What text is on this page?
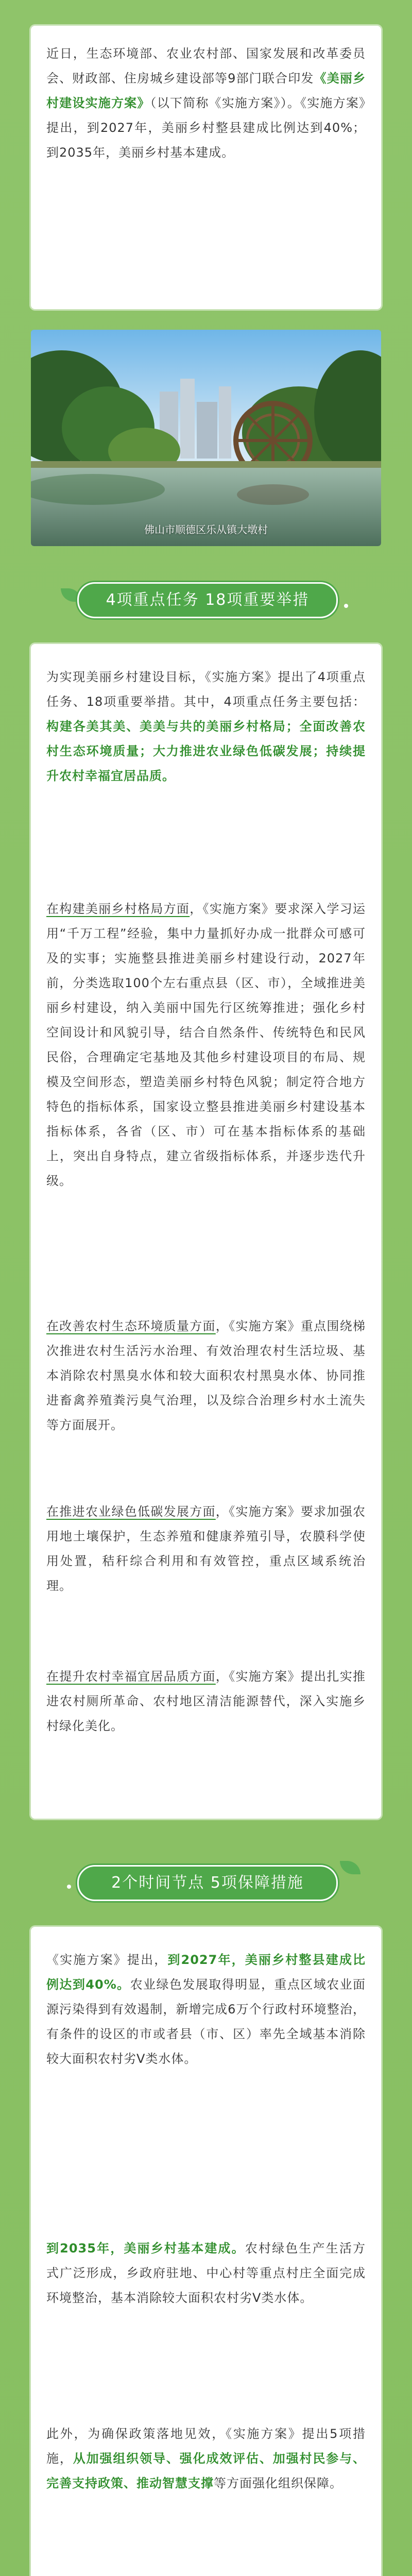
近日，生态环境部、农业农村部、国家发展和改革委员会、财政部、住房城乡建设部等9部门联合印发《美丽乡村建设实施方案》（以下简称《实施方案》）。《实施方案》提出，到2027年，美丽乡村整县建成比例达到40%；到2035年，美丽乡村基本建成。

佛山市顺德区乐从镇大墩村
4项重点任务 18项重要举措

为实现美丽乡村建设目标，《实施方案》提出了4项重点任务、18项重要举措。其中，4项重点任务主要包括：构建各美其美、美美与共的美丽乡村格局；全面改善农村生态环境质量；大力推进农业绿色低碳发展；持续提升农村幸福宜居品质。

在构建美丽乡村格局方面，《实施方案》要求深入学习运用“千万工程”经验，集中力量抓好办成一批群众可感可及的实事；实施整县推进美丽乡村建设行动，2027年前，分类选取100个左右重点县（区、市），全域推进美丽乡村建设，纳入美丽中国先行区统筹推进；强化乡村空间设计和风貌引导，结合自然条件、传统特色和民风民俗，合理确定宅基地及其他乡村建设项目的布局、规模及空间形态，塑造美丽乡村特色风貌；制定符合地方特色的指标体系，国家设立整县推进美丽乡村建设基本指标体系，各省（区、市）可在基本指标体系的基础上，突出自身特点，建立省级指标体系，并逐步迭代升级。

在改善农村生态环境质量方面，《实施方案》重点围绕梯次推进农村生活污水治理、有效治理农村生活垃圾、基本消除农村黑臭水体和较大面积农村黑臭水体、协同推进畜禽养殖粪污臭气治理，以及综合治理乡村水土流失等方面展开。

在推进农业绿色低碳发展方面，《实施方案》要求加强农用地土壤保护，生态养殖和健康养殖引导，农膜科学使用处置，秸秆综合利用和有效管控，重点区域系统治理。

在提升农村幸福宜居品质方面，《实施方案》提出扎实推进农村厕所革命、农村地区清洁能源替代，深入实施乡村绿化美化。

2个时间节点 5项保障措施

《实施方案》提出，到2027年，美丽乡村整县建成比例达到40%。农业绿色发展取得明显，重点区域农业面源污染得到有效遏制，新增完成6万个行政村环境整治，有条件的设区的市或者县（市、区）率先全域基本消除较大面积农村劣V类水体。

到2035年，美丽乡村基本建成。农村绿色生产生活方式广泛形成，乡政府驻地、中心村等重点村庄全面完成环境整治，基本消除较大面积农村劣V类水体。

此外，为确保政策落地见效，《实施方案》提出5项措施，从加强组织领导、强化成效评估、加强村民参与、完善支持政策、推动智慧支撑等方面强化组织保障。
